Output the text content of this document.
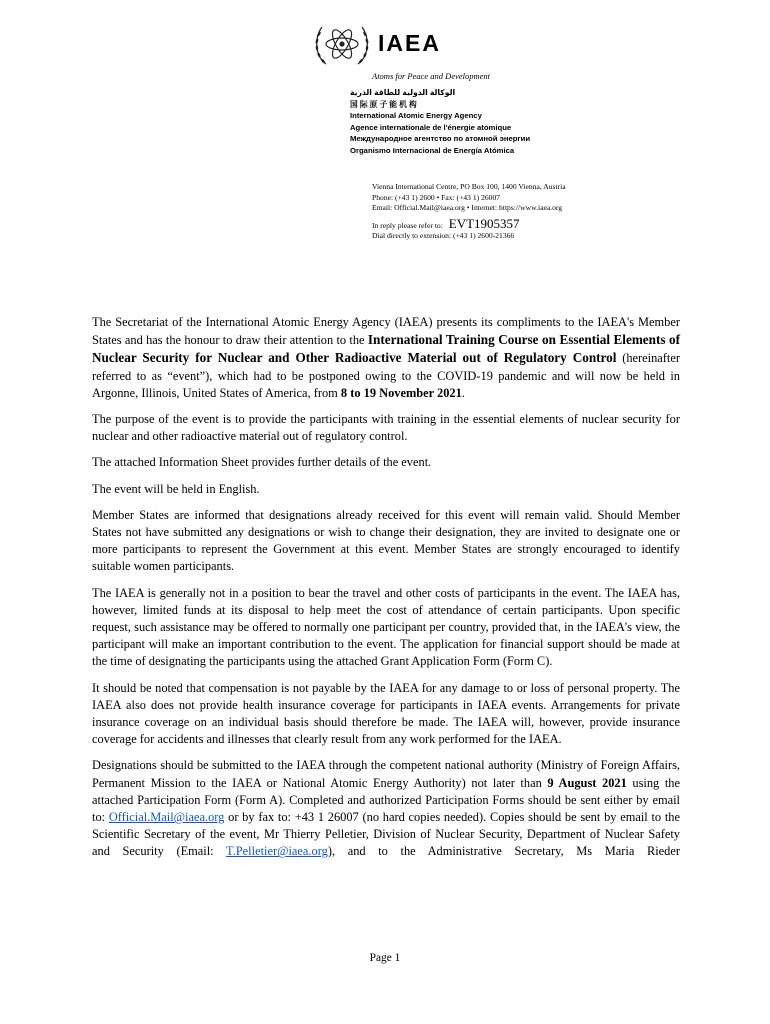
IAEA
Atoms for Peace and Development
الوكالة الدولية للطاقة الذرية
国 际 原 子 能 机 构
International Atomic Energy Agency
Agence internationale de l'énergie atomique
Международное агентство по атомной энергии
Organismo Internacional de Energía Atómica
Vienna International Centre, PO Box 100, 1400 Vienna, Austria
Phone: (+43 1) 2600 • Fax: (+43 1) 26007
Email: Official.Mail@iaea.org • Internet: https://www.iaea.org
In reply please refer to: EVT1905357
Dial directly to extension: (+43 1) 2600-21366

The Secretariat of the International Atomic Energy Agency (IAEA) presents its compliments to the IAEA's Member States and has the honour to draw their attention to the International Training Course on Essential Elements of Nuclear Security for Nuclear and Other Radioactive Material out of Regulatory Control (hereinafter referred to as “event”), which had to be postponed owing to the COVID-19 pandemic and will now be held in Argonne, Illinois, United States of America, from 8 to 19 November 2021.

The purpose of the event is to provide the participants with training in the essential elements of nuclear security for nuclear and other radioactive material out of regulatory control.

The attached Information Sheet provides further details of the event.

The event will be held in English.

Member States are informed that designations already received for this event will remain valid. Should Member States not have submitted any designations or wish to change their designation, they are invited to designate one or more participants to represent the Government at this event. Member States are strongly encouraged to identify suitable women participants.

The IAEA is generally not in a position to bear the travel and other costs of participants in the event. The IAEA has, however, limited funds at its disposal to help meet the cost of attendance of certain participants. Upon specific request, such assistance may be offered to normally one participant per country, provided that, in the IAEA's view, the participant will make an important contribution to the event. The application for financial support should be made at the time of designating the participants using the attached Grant Application Form (Form C).

It should be noted that compensation is not payable by the IAEA for any damage to or loss of personal property. The IAEA also does not provide health insurance coverage for participants in IAEA events. Arrangements for private insurance coverage on an individual basis should therefore be made. The IAEA will, however, provide insurance coverage for accidents and illnesses that clearly result from any work performed for the IAEA.

Designations should be submitted to the IAEA through the competent national authority (Ministry of Foreign Affairs, Permanent Mission to the IAEA or National Atomic Energy Authority) not later than 9 August 2021 using the attached Participation Form (Form A). Completed and authorized Participation Forms should be sent either by email to: Official.Mail@iaea.org or by fax to: +43 1 26007 (no hard copies needed). Copies should be sent by email to the Scientific Secretary of the event, Mr Thierry Pelletier, Division of Nuclear Security, Department of Nuclear Safety and Security (Email: T.Pelletier@iaea.org), and to the Administrative Secretary, Ms Maria Rieder

Page 1
